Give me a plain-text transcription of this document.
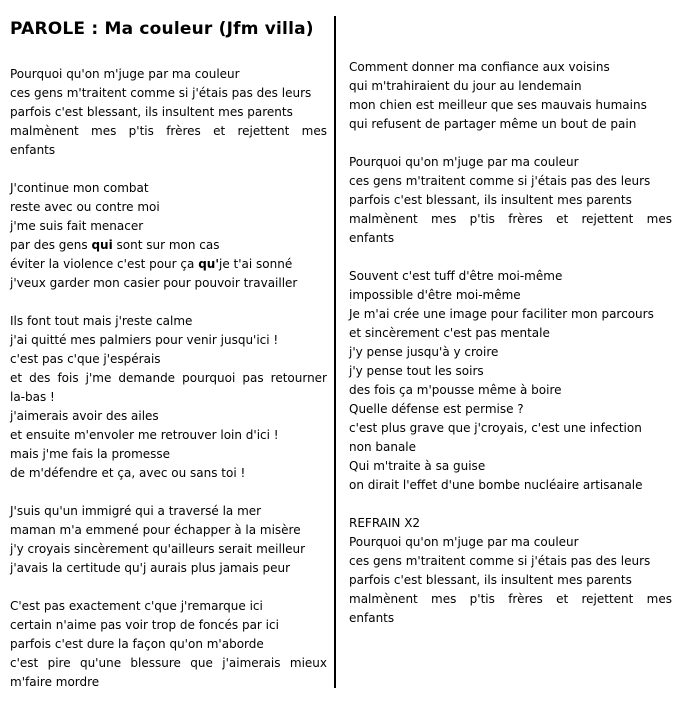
PAROLE : Ma couleur (Jfm villa)
Pourquoi qu'on m'juge par ma couleur
ces gens m'traitent comme si j'étais pas des leurs
parfois c'est blessant, ils insultent mes parents
malmènent mes p'tis frères et rejettent mes
enfants
J'continue mon combat
reste avec ou contre moi
j'me suis fait menacer
par des gens qui sont sur mon cas
éviter la violence c'est pour ça qu'je t'ai sonné
j'veux garder mon casier pour pouvoir travailler
Ils font tout mais j'reste calme
j'ai quitté mes palmiers pour venir jusqu'ici !
c'est pas c'que j'espérais
et des fois j'me demande pourquoi pas retourner
la-bas !
j'aimerais avoir des ailes
et ensuite m'envoler me retrouver loin d'ici !
mais j'me fais la promesse
de m'défendre et ça, avec ou sans toi !
J'suis qu'un immigré qui a traversé la mer
maman m'a emmené pour échapper à la misère
j'y croyais sincèrement qu'ailleurs serait meilleur
j'avais la certitude qu'j aurais plus jamais peur
C'est pas exactement c'que j'remarque ici
certain n'aime pas voir trop de foncés par ici
parfois c'est dure la façon qu'on m'aborde
c'est pire qu'une blessure que j'aimerais mieux
m'faire mordre
Comment donner ma confiance aux voisins
qui m'trahiraient du jour au lendemain
mon chien est meilleur que ses mauvais humains
qui refusent de partager même un bout de pain
Pourquoi qu'on m'juge par ma couleur
ces gens m'traitent comme si j'étais pas des leurs
parfois c'est blessant, ils insultent mes parents
malmènent mes p'tis frères et rejettent mes
enfants
Souvent c'est tuff d'être moi-même
impossible d'être moi-même
Je m'ai crée une image pour faciliter mon parcours
et sincèrement c'est pas mentale
j'y pense jusqu'à y croire
j'y pense tout les soirs
des fois ça m'pousse même à boire
Quelle défense est permise ?
c'est plus grave que j'croyais, c'est une infection
non banale
Qui m'traite à sa guise
on dirait l'effet d'une bombe nucléaire artisanale
REFRAIN X2
Pourquoi qu'on m'juge par ma couleur
ces gens m'traitent comme si j'étais pas des leurs
parfois c'est blessant, ils insultent mes parents
malmènent mes p'tis frères et rejettent mes
enfants
